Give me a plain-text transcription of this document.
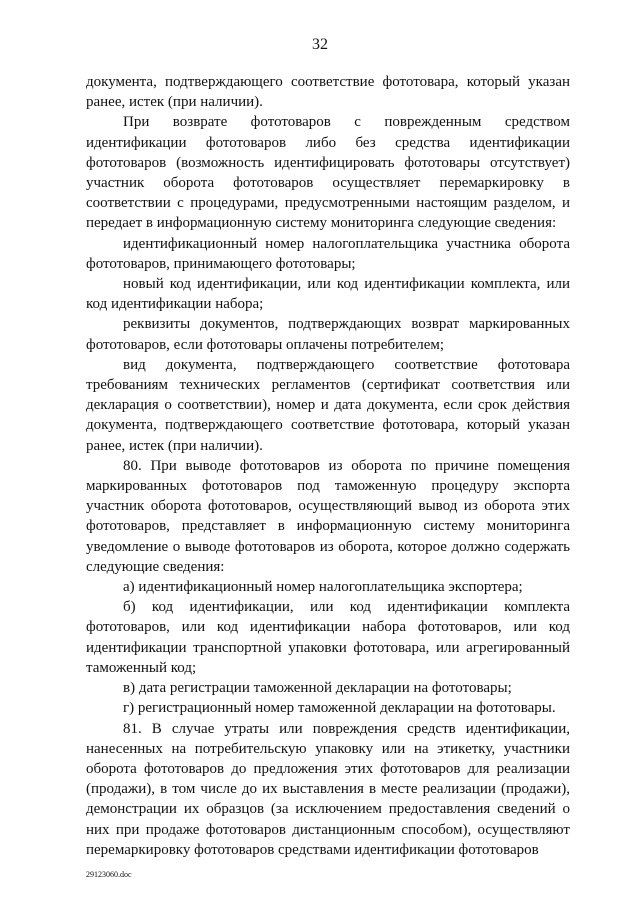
32

документа, подтверждающего соответствие фототовара, который указан ранее, истек (при наличии).

При возврате фототоваров с поврежденным средством идентификации фототоваров либо без средства идентификации фототоваров (возможность идентифицировать фототовары отсутствует) участник оборота фототоваров осуществляет перемаркировку в соответствии с процедурами, предусмотренными настоящим разделом, и передает в информационную систему мониторинга следующие сведения:

идентификационный номер налогоплательщика участника оборота фототоваров, принимающего фототовары;

новый код идентификации, или код идентификации комплекта, или код идентификации набора;

реквизиты документов, подтверждающих возврат маркированных фототоваров, если фототовары оплачены потребителем;

вид документа, подтверждающего соответствие фототовара требованиям технических регламентов (сертификат соответствия или декларация о соответствии), номер и дата документа, если срок действия документа, подтверждающего соответствие фототовара, который указан ранее, истек (при наличии).

80. При выводе фототоваров из оборота по причине помещения маркированных фототоваров под таможенную процедуру экспорта участник оборота фототоваров, осуществляющий вывод из оборота этих фототоваров, представляет в информационную систему мониторинга уведомление о выводе фототоваров из оборота, которое должно содержать следующие сведения:

а) идентификационный номер налогоплательщика экспортера;

б) код идентификации, или код идентификации комплекта фототоваров, или код идентификации набора фототоваров, или код идентификации транспортной упаковки фототовара, или агрегированный таможенный код;

в) дата регистрации таможенной декларации на фототовары;

г) регистрационный номер таможенной декларации на фототовары.

81. В случае утраты или повреждения средств идентификации, нанесенных на потребительскую упаковку или на этикетку, участники оборота фототоваров до предложения этих фототоваров для реализации (продажи), в том числе до их выставления в месте реализации (продажи), демонстрации их образцов (за исключением предоставления сведений о них при продаже фототоваров дистанционным способом), осуществляют перемаркировку фототоваров средствами идентификации фототоваров

29123060.doc
